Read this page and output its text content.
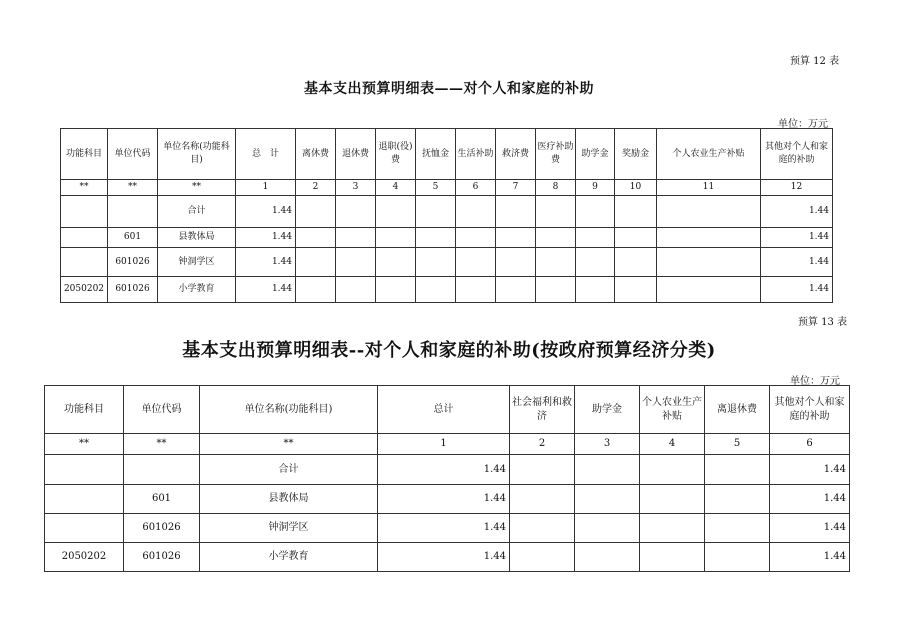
预算 12 表
基本支出预算明细表——对个人和家庭的补助
单位：万元
功能科目	单位代码	单位名称(功能科目)	总　计	离休费	退休费	退职(役)费	抚恤金	生活补助	救济费	医疗补助费	助学金	奖励金	个人农业生产补贴	其他对个人和家庭的补助
**	**	**	1	2	3	4	5	6	7	8	9	10	11	12
		合计	1.44											1.44
	601	县教体局	1.44											1.44
	601026	钟洞学区	1.44											1.44
2050202	601026	小学教育	1.44											1.44
预算 13 表
基本支出预算明细表--对个人和家庭的补助(按政府预算经济分类)
单位：万元
功能科目	单位代码	单位名称(功能科目)	总计	社会福利和救济	助学金	个人农业生产补贴	离退休费	其他对个人和家庭的补助
**	**	**	1	2	3	4	5	6
		合计	1.44					1.44
	601	县教体局	1.44					1.44
	601026	钟洞学区	1.44					1.44
2050202	601026	小学教育	1.44					1.44
